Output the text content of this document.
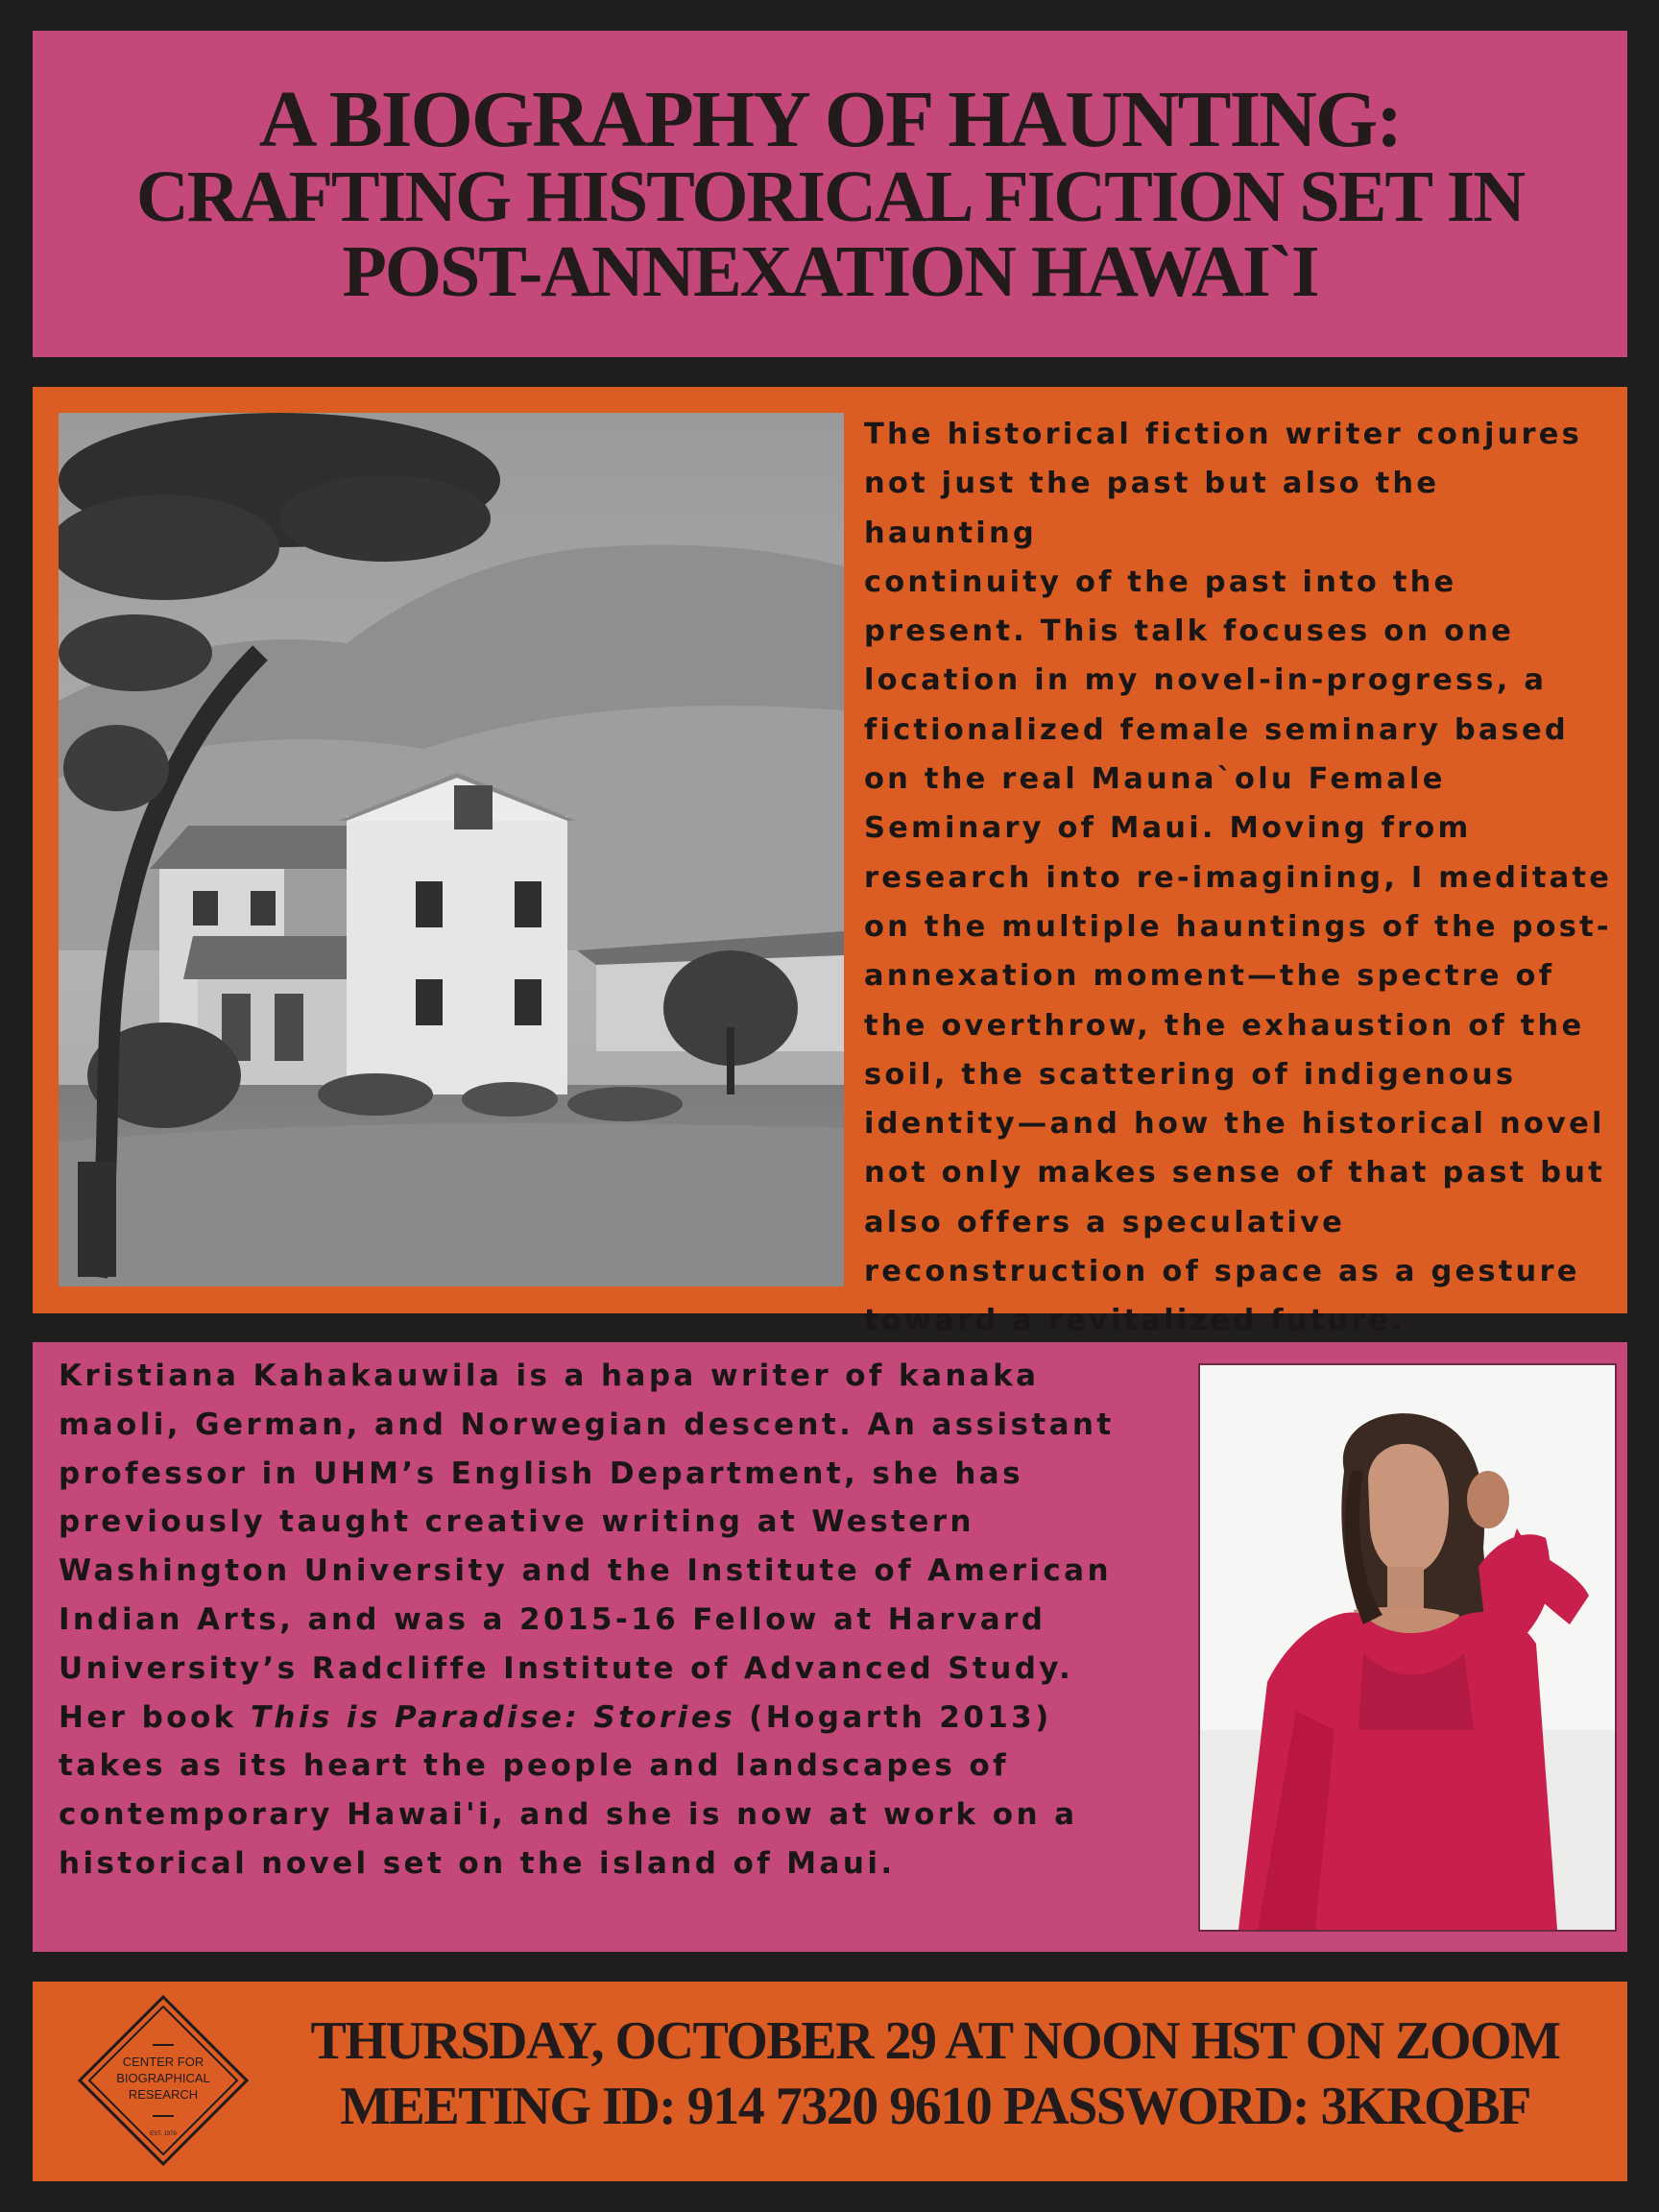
A BIOGRAPHY OF HAUNTING:
CRAFTING HISTORICAL FICTION SET IN
POST-ANNEXATION HAWAI`I
The historical fiction writer conjures
not just the past but also the haunting
continuity of the past into the
present. This talk focuses on one
location in my novel-in-progress, a
fictionalized female seminary based
on the real Mauna`olu Female
Seminary of Maui. Moving from
research into re-imagining, I meditate
on the multiple hauntings of the post-
annexation moment—the spectre of
the overthrow, the exhaustion of the
soil, the scattering of indigenous
identity—and how the historical novel
not only makes sense of that past but
also offers a speculative
reconstruction of space as a gesture
toward a revitalized future.
Kristiana Kahakauwila is a hapa writer of kanaka
maoli, German, and Norwegian descent. An assistant
professor in UHM’s English Department, she has
previously taught creative writing at Western
Washington University and the Institute of American
Indian Arts, and was a 2015-16 Fellow at Harvard
University’s Radcliffe Institute of Advanced Study.
Her book This is Paradise: Stories (Hogarth 2013)
takes as its heart the people and landscapes of
contemporary Hawai'i, and she is now at work on a
historical novel set on the island of Maui.
CENTER FOR
BIOGRAPHICAL
RESEARCH
EST. 1978
THURSDAY, OCTOBER 29 AT NOON HST ON ZOOM
MEETING ID: 914 7320 9610 PASSWORD: 3KRQBF
